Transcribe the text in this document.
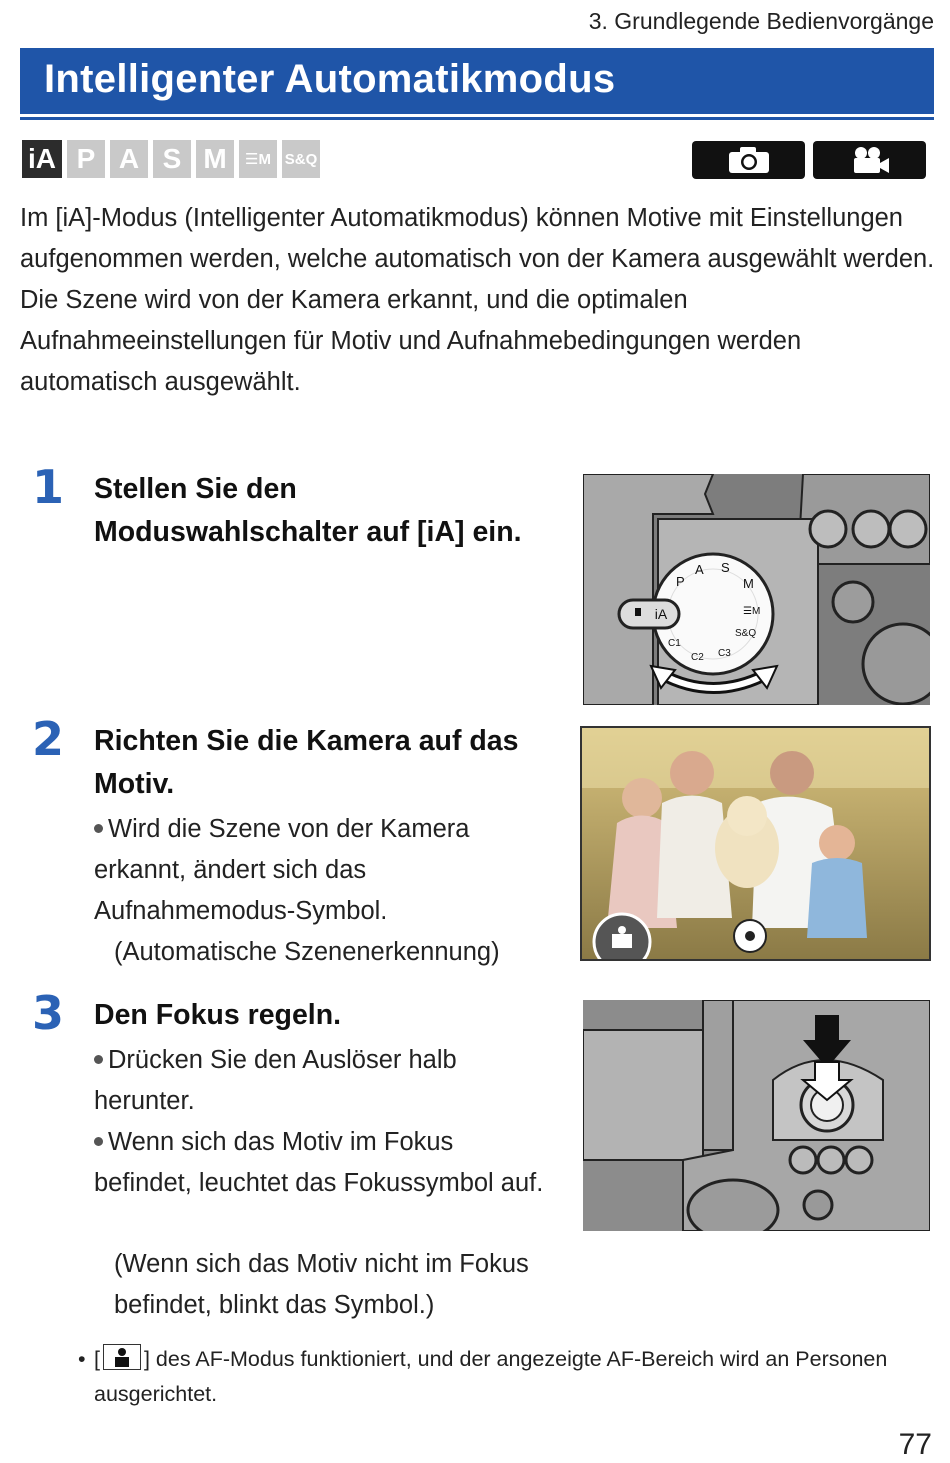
3. Grundlegende Bedienvorgänge
Intelligenter Automatikmodus
iA P A S M	☰M S&Q

Im [iA]-Modus (Intelligenter Automatikmodus) können Motive mit Einstellungen aufgenommen werden, welche automatisch von der Kamera ausgewählt werden.

Die Szene wird von der Kamera erkannt, und die optimalen Aufnahmeeinstellungen für Motiv und Aufnahmebedingungen werden automatisch ausgewählt.

1 Stellen Sie den Moduswahlschalter auf [iA] ein.
iA
P
A S
M
☰M
S&Q
C3
C2
C1
2 Richten Sie die Kamera auf das Motiv.
Wird die Szene von der Kamera erkannt, ändert sich das Aufnahmemodus-Symbol.
(Automatische Szenenerkennung)
3 Den Fokus regeln.
Drücken Sie den Auslöser halb herunter.
Wenn sich das Motiv im Fokus befindet, leuchtet das Fokussymbol auf.
(Wenn sich das Motiv nicht im Fokus befindet, blinkt das Symbol.)
• [ ] des AF-Modus funktioniert, und der angezeigte AF-Bereich wird an Personen ausgerichtet.
77
